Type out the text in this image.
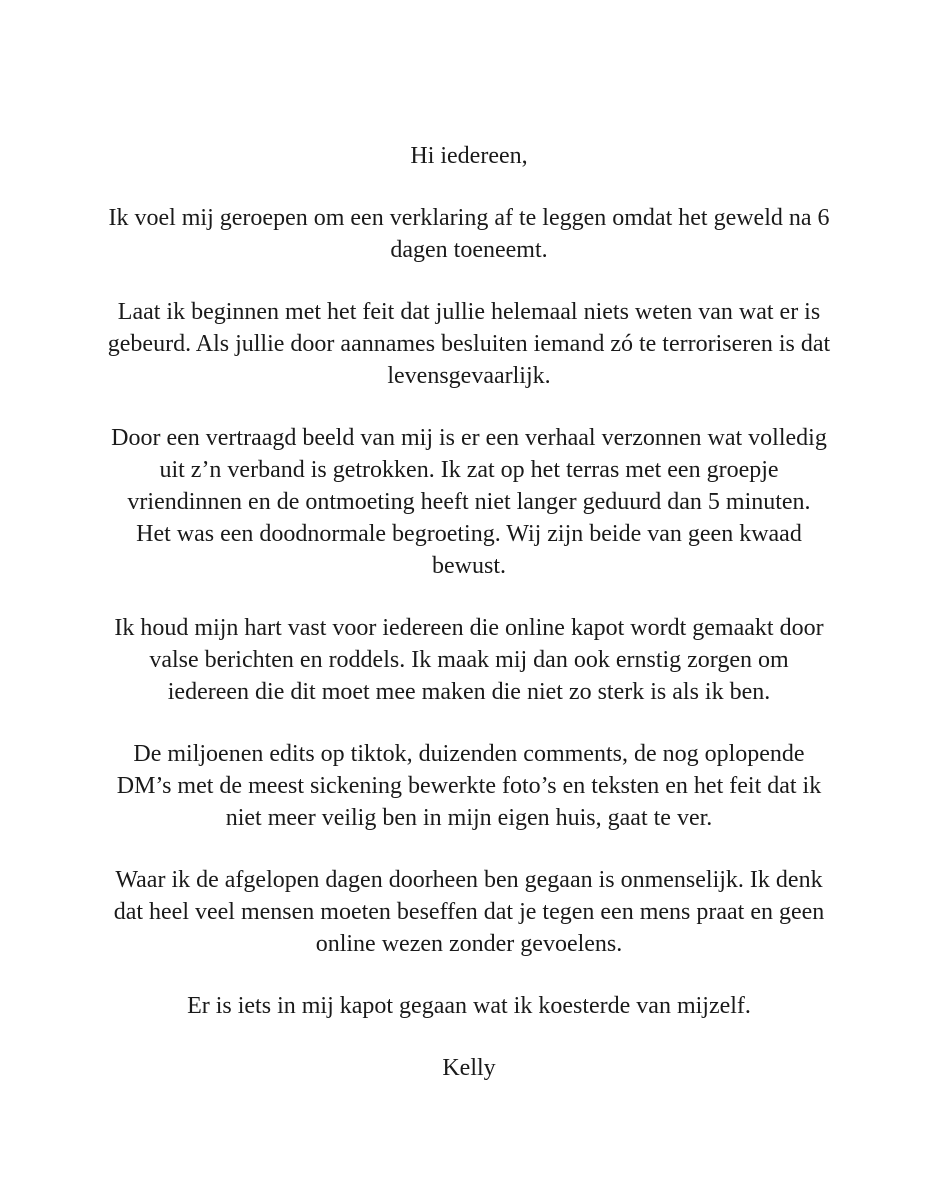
Hi iedereen,
Ik voel mij geroepen om een verklaring af te leggen omdat het geweld na 6
dagen toeneemt.
Laat ik beginnen met het feit dat jullie helemaal niets weten van wat er is
gebeurd. Als jullie door aannames besluiten iemand zó te terroriseren is dat
levensgevaarlijk.
Door een vertraagd beeld van mij is er een verhaal verzonnen wat volledig
uit z’n verband is getrokken. Ik zat op het terras met een groepje
vriendinnen en de ontmoeting heeft niet langer geduurd dan 5 minuten.
Het was een doodnormale begroeting. Wij zijn beide van geen kwaad
bewust.
Ik houd mijn hart vast voor iedereen die online kapot wordt gemaakt door
valse berichten en roddels. Ik maak mij dan ook ernstig zorgen om
iedereen die dit moet mee maken die niet zo sterk is als ik ben.
De miljoenen edits op tiktok, duizenden comments, de nog oplopende
DM’s met de meest sickening bewerkte foto’s en teksten en het feit dat ik
niet meer veilig ben in mijn eigen huis, gaat te ver.
Waar ik de afgelopen dagen doorheen ben gegaan is onmenselijk. Ik denk
dat heel veel mensen moeten beseffen dat je tegen een mens praat en geen
online wezen zonder gevoelens.
Er is iets in mij kapot gegaan wat ik koesterde van mijzelf.
Kelly
